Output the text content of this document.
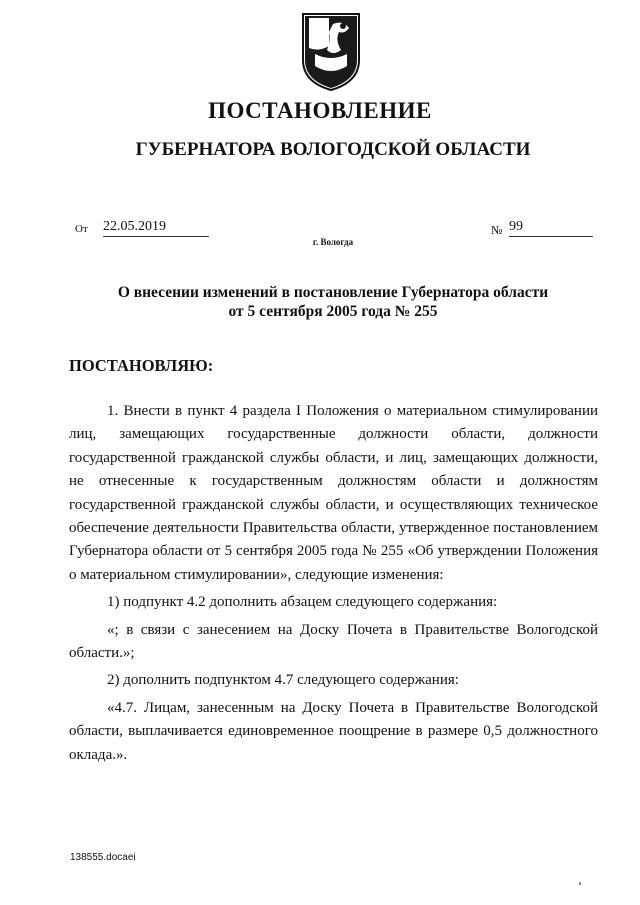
ПОСТАНОВЛЕНИЕ
ГУБЕРНАТОРА ВОЛОГОДСКОЙ ОБЛАСТИ
От 22.05.2019	№ 99
г. Вологда
О внесении изменений в постановление Губернатора области
от 5 сентября 2005 года № 255
ПОСТАНОВЛЯЮ:

1. Внести в пункт 4 раздела I Положения о материальном стимулировании лиц, замещающих государственные должности области, должности государственной гражданской службы области, и лиц, замещающих должности, не отнесенные к государственным должностям области и должностям государственной гражданской службы области, и осуществляющих техническое обеспечение деятельности Правительства области, утвержденное постановлением Губернатора области от 5 сентября 2005 года № 255 «Об утверждении Положения о материальном стимулировании», следующие изменения:

1) подпункт 4.2 дополнить абзацем следующего содержания:

«; в связи с занесением на Доску Почета в Правительстве Вологодской области.»;

2) дополнить подпунктом 4.7 следующего содержания:

«4.7. Лицам, занесенным на Доску Почета в Правительстве Вологодской области, выплачивается единовременное поощрение в размере 0,5 должностного оклада.».

138555.docaei
